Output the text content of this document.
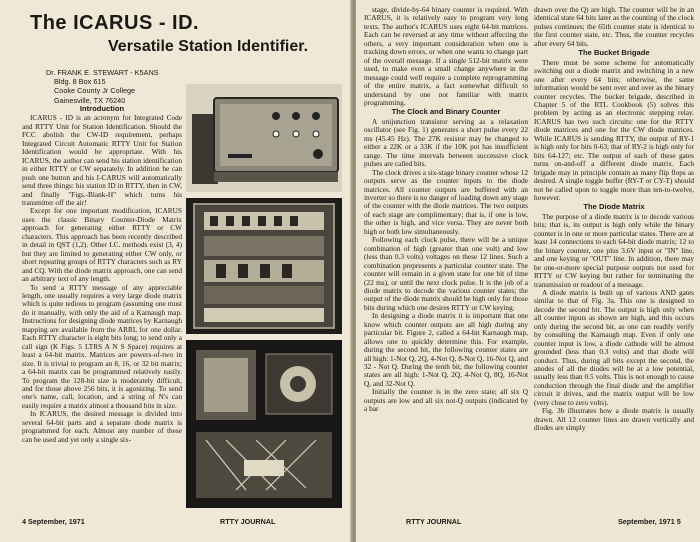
The ICARUS - ID.
Versatile Station Identifier.
Dr. FRANK E. STEWART - K5ANS
Bldg. 8 Box 615
Cooke County Jr College
Gainesville, TX 76240

Introduction

ICARUS - ID is an acronym for Integrated Code and RTTY Unit for Station Identification. Should the FCC abolish the CW-ID requirement, perhaps Integrated Circuit Automatic RTTY Unit for Station Identification would be appropriate. With his ICARUS, the author can send his station identification in either RTTY or CW separately. In addition he can push one button and his I-CARUS will automatically send three things: his station ID in RTTY, then in CW, and finally "Figs.-Blank-H" which turns his transmitter off the air!

Except for one important modification, ICARUS uses the classic Binary Counter-Diode Matrix approach for generating either RTTY or CW characters. This approach has been recently described in detail in QST (1,2). Other I.C. methods exist (3, 4) but they are limited to generating either CW only, or short repeating groups of RTTY characters such as RY and CQ. With the diode matrix approach, one can send an arbitrary text of any length.

To send a RTTY message of any appreciable length, one usually requires a very large diode matrix which is quite tedious to program (assuming one must do it manually, with only the aid of a Karnaugh map. Instructions for designing diode matrices by Karnaugh mapping are available from the ARRL for one dollar. Each RTTY character is eight bits long; to send only a call sign (K Figs. 5 LTRS A N S Space) requires at least a 64-bit matrix. Matrices are powers-of-two in size. It is trivial to program an 8, 16, or 32 bit matrix; a 64-bit matrix can be programmed relatively easily. To program the 128-bit size is moderately difficult, and for those above 256 bits, it is agonizing. To send one's name, call, location, and a string of N's can easily require a matrix almost a thousand bits in size.

In ICARUS, the desired message is divided into several 64-bit parts and a separate diode matrix is programmed for each. Almost any number of these can be used and yet only a single six-

4 September, 1971	RTTY JOURNAL

stage, divide-by-64 binary counter is required. With ICARUS, it is relatively easy to program very long texts. The author's ICARUS uses eight 64-bit matrices. Each can be reversed at any time without affecting the others, a very important consideration when one is tracking down errors, or when one wants to change part of the overall message. If a single 512-bit matrix were used, to make even a small change anywhere in the message could well require a complete reprogramming of the entire matrix, a fact somewhat difficult to understand by one not familiar with matrix programming.

The Clock and Binary Counter

A unijunction transistor serving as a relaxation oscillator (see Fig. 1) generates a short pulse every 22 ms (45.45 Hz). The 27K resistor may be changed to either a 22K or a 33K if the 10K pot has insufficient range. The time intervals between successive clock pulses are called bits.

The clock drives a six-stage binary counter whose 12 outputs serve as the counter inputs to the diode matrices. All counter outputs are buffered with an inverter so there is no danger of loading down any stage of the counter with the diode matrices. The two outputs of each stage are complimentary; that is, if one is low, the other is high, and vice versa. They are never both high or both low simultaneously.

Following each clock pulse, there will be a unique combination of high (greater than one volt) and low (less than 0.3 volts) voltages on these 12 lines. Such a combination prepresents a particular counter state. The counter will remain in a given state for one bit of time (22 ms), or until the next clock pulse. It is the job of a diode matrix to decode the various counter states; the output of the diode matrix should be high only for those bits during which one desires RTTY or CW keying.

In designing a diode matrix it is important that one know which counter outputs are all high during any particular bit. Figure 2, called a 64-bit Karnaugh map, allows one to quickly determine this. For example, during the second bit, the following counter states are all high: 1-Not Q, 2Q, 4-Not Q, 8-Not Q, 16-Not Q, and 32 - Not Q. During the tenth bit, the following counter states are all high: 1-Not Q, 2Q, 4-Not Q, 8Q, 16-Not Q, and 32-Not Q.

Initially the counter is in the zero state; all six Q outputs are low and all six not-Q outputs (indicated by a bar

drawn over the Q) are high. The counter will be in an identical state 64 bits later as the counting of the clock pulses continues; the 65th counter state is identical to the first counter state, etc. Thus, the counter recycles after every 64 bits.

The Bucket Brigade

There must be some scheme for automatically switching out a diode matrix and switching in a new one after every 64 bits; otherwise, the same information would be sent over and over as the binary counter recycles. The bucket brigade, described in Chapter 5 of the RTL Cookbook (5) solves this problem by acting as an electronic stepping relay. ICARUS has two such circuits: one for the RTTY diode matrices and one for the CW diode matrices. While ICARUS is sending RTTY, the output of RY-1 is high only for bits 0-63; that of RY-2 is high only for bits 64-127; etc. The output of each of these gates turns on-and-off a different diode matrix. Each brigade may in principle contain as many flip flops as desired. A single toggle buffer (RY-T or CY-T) should not be called upon to toggle more than ten-to-twelve, however.

The Diode Matrix

The purpose of a diode matrix is to decode various bits; that is, its output is high only while the binary counter is in one or more particular states. There are at least 14 connections to each 64-bit diode matrix; 12 to the binary counter, one plus 3.6V input or "IN" line, and one keying or "OUT" line. In addition, there may be one-or-more special purpose outputs not used for RTTY or CW keying but rather for terminating the transmission or readout of a message.

A diode matrix is built up of various AND gates similar to that of Fig. 3a. This one is designed to decode the second bit. The output is high only when all counter inputs as shown are high, and this occurs only during the second bit, as one can readily verify by consulting the Karnaugh map. Even if only one counter input is low, a diode cathode will be almost grounded (less than 0.3 volts) and that diode will conduct. Thus, during all bits except the second, the anodes of all the diodes will be at a low potential, usually less than 0.5 volts. This is not enough to cause conduction through the final diode and the amplifier circuit it drives, and the matrix output will be low (very close to zero volts).

Fig. 3b illustrates how a diode matrix is usually drawn. All 12 counter lines are drawn vertically and diodes are simply

RTTY JOURNAL	September, 1971 5
